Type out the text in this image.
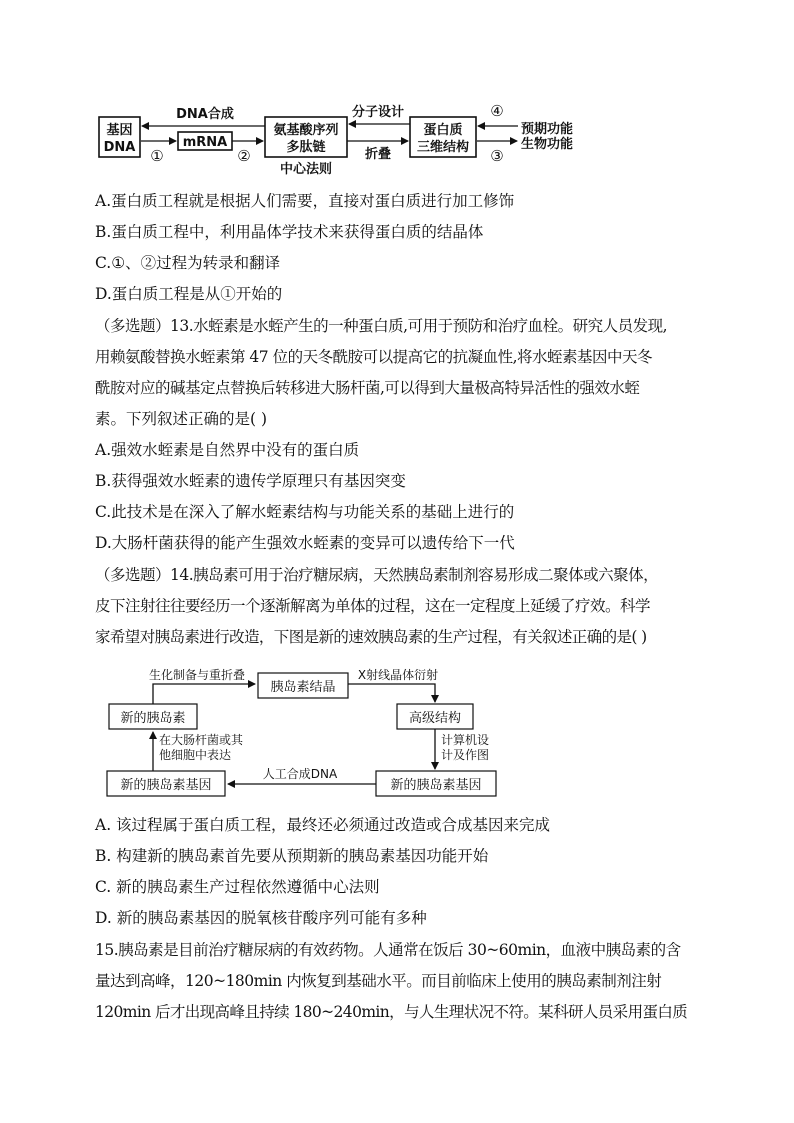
基因
DNA	mRNA
氨基酸序列
多肽链
蛋白质
三维结构
预期功能
生物功能
DNA合成	分子设计
中心法则
折叠
①	②	③
④
胰岛素结晶
新的胰岛素	高级结构
新的胰岛素基因	新的胰岛素基因
生化制备与重折叠	X射线晶体衍射
在大肠杆菌或其
他细胞中表达
计算机设
计及作图
人工合成DNA
A.蛋白质工程就是根据人们需要，直接对蛋白质进行加工修饰
B.蛋白质工程中，利用晶体学技术来获得蛋白质的结晶体
C.①、②过程为转录和翻译
D.蛋白质工程是从①开始的
（多选题）13.水蛭素是水蛭产生的一种蛋白质,可用于预防和治疗血栓。研究人员发现,
用赖氨酸替换水蛭素第 47 位的天冬酰胺可以提高它的抗凝血性,将水蛭素基因中天冬
酰胺对应的碱基定点替换后转移进大肠杆菌,可以得到大量极高特异活性的强效水蛭
素。下列叙述正确的是( )
A.强效水蛭素是自然界中没有的蛋白质
B.获得强效水蛭素的遗传学原理只有基因突变
C.此技术是在深入了解水蛭素结构与功能关系的基础上进行的
D.大肠杆菌获得的能产生强效水蛭素的变异可以遗传给下一代
（多选题）14.胰岛素可用于治疗糖尿病，天然胰岛素制剂容易形成二聚体或六聚体，
皮下注射往往要经历一个逐渐解离为单体的过程，这在一定程度上延缓了疗效。科学
家希望对胰岛素进行改造，下图是新的速效胰岛素的生产过程，有关叙述正确的是( )
A. 该过程属于蛋白质工程，最终还必须通过改造或合成基因来完成
B. 构建新的胰岛素首先要从预期新的胰岛素基因功能开始
C. 新的胰岛素生产过程依然遵循中心法则
D. 新的胰岛素基因的脱氧核苷酸序列可能有多种
15.胰岛素是目前治疗糖尿病的有效药物。人通常在饭后 30~60min，血液中胰岛素的含
量达到高峰，120~180min 内恢复到基础水平。而目前临床上使用的胰岛素制剂注射
120min 后才出现高峰且持续 180~240min，与人生理状况不符。某科研人员采用蛋白质
